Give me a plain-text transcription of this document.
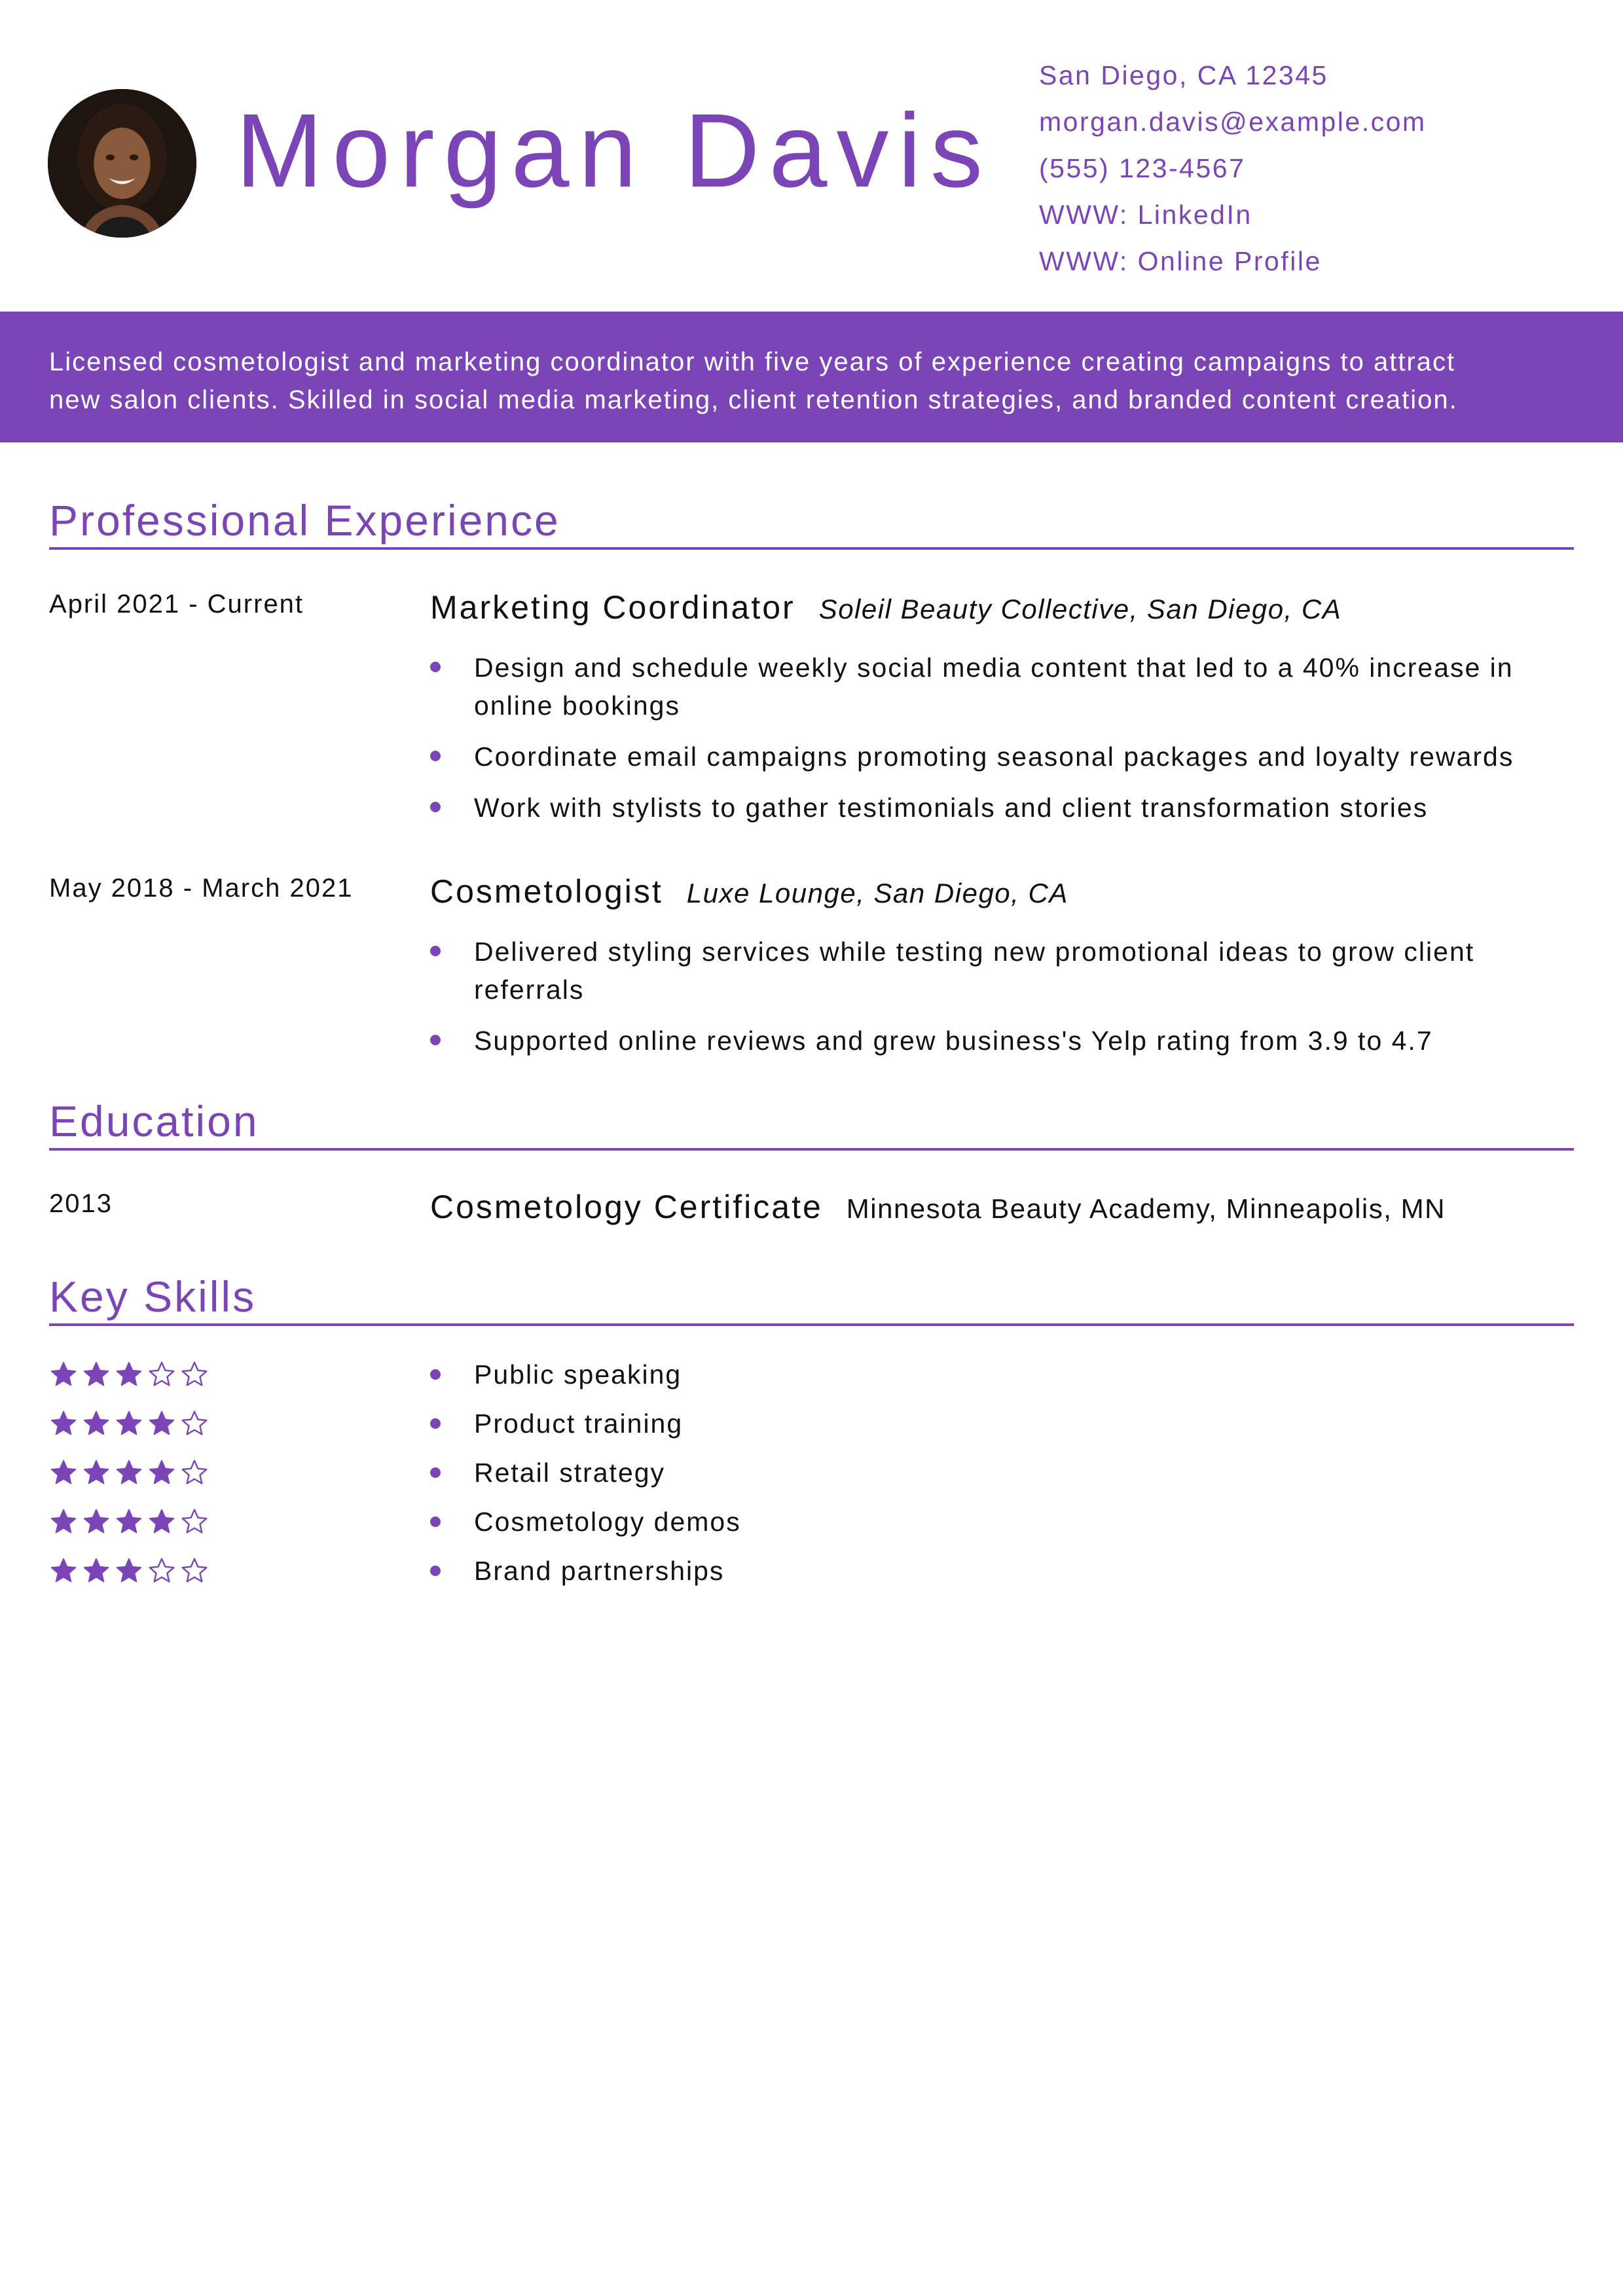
Morgan Davis
San Diego, CA 12345
morgan.davis@example.com
(555) 123-4567
WWW: LinkedIn
WWW: Online Profile

Licensed cosmetologist and marketing coordinator with five years of experience creating campaigns to attract

new salon clients. Skilled in social media marketing, client retention strategies, and branded content creation.

Professional Experience
April 2021 - Current	Marketing Coordinator Soleil Beauty Collective, San Diego, CA
Design and schedule weekly social media content that led to a 40% increase in online bookings
Coordinate email campaigns promoting seasonal packages and loyalty rewards
Work with stylists to gather testimonials and client transformation stories
May 2018 - March 2021 Cosmetologist Luxe Lounge, San Diego, CA
Delivered styling services while testing new promotional ideas to grow client referrals
Supported online reviews and grew business's Yelp rating from 3.9 to 4.7
Education
2013	Cosmetology Certificate Minnesota Beauty Academy, Minneapolis, MN
Key Skills
Public speaking
Product training
Retail strategy
Cosmetology demos
Brand partnerships
